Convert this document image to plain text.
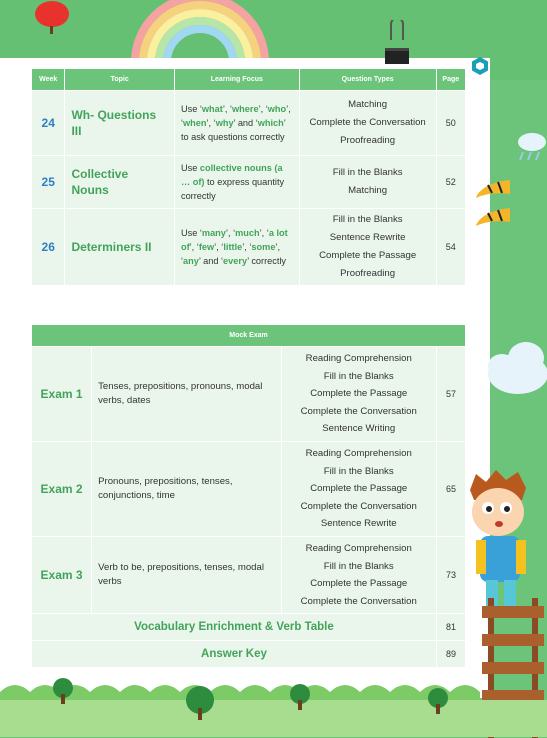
Week	Topic	Learning Focus	Question Types	Page
24	Wh- Questions III	Use ‘what’, ‘where’, ‘who’, ‘when’, ‘why’ and ‘which’ to ask questions correctly	Matching
Complete the Conversation
Proofreading	50
25	Collective Nouns	Use collective nouns (a … of) to express quantity correctly	Fill in the Blanks
Matching	52
26	Determiners II	Use ‘many’, ‘much’, ‘a lot of’, ‘few’, ‘little’, ‘some’, ‘any’ and ‘every’ correctly	Fill in the Blanks
Sentence Rewrite
Complete the Passage
Proofreading	54
Mock Exam			
Exam 1	Tenses, prepositions, pronouns, modal verbs, dates	Reading Comprehension
Fill in the Blanks
Complete the Passage
Complete the Conversation
Sentence Writing	57
Exam 2	Pronouns, prepositions, tenses, conjunctions, time	Reading Comprehension
Fill in the Blanks
Complete the Passage
Complete the Conversation
Sentence Rewrite	65
Exam 3	Verb to be, prepositions, tenses, modal verbs	Reading Comprehension
Fill in the Blanks
Complete the Passage
Complete the Conversation	73
Vocabulary Enrichment & Verb Table			81
Answer Key			89
